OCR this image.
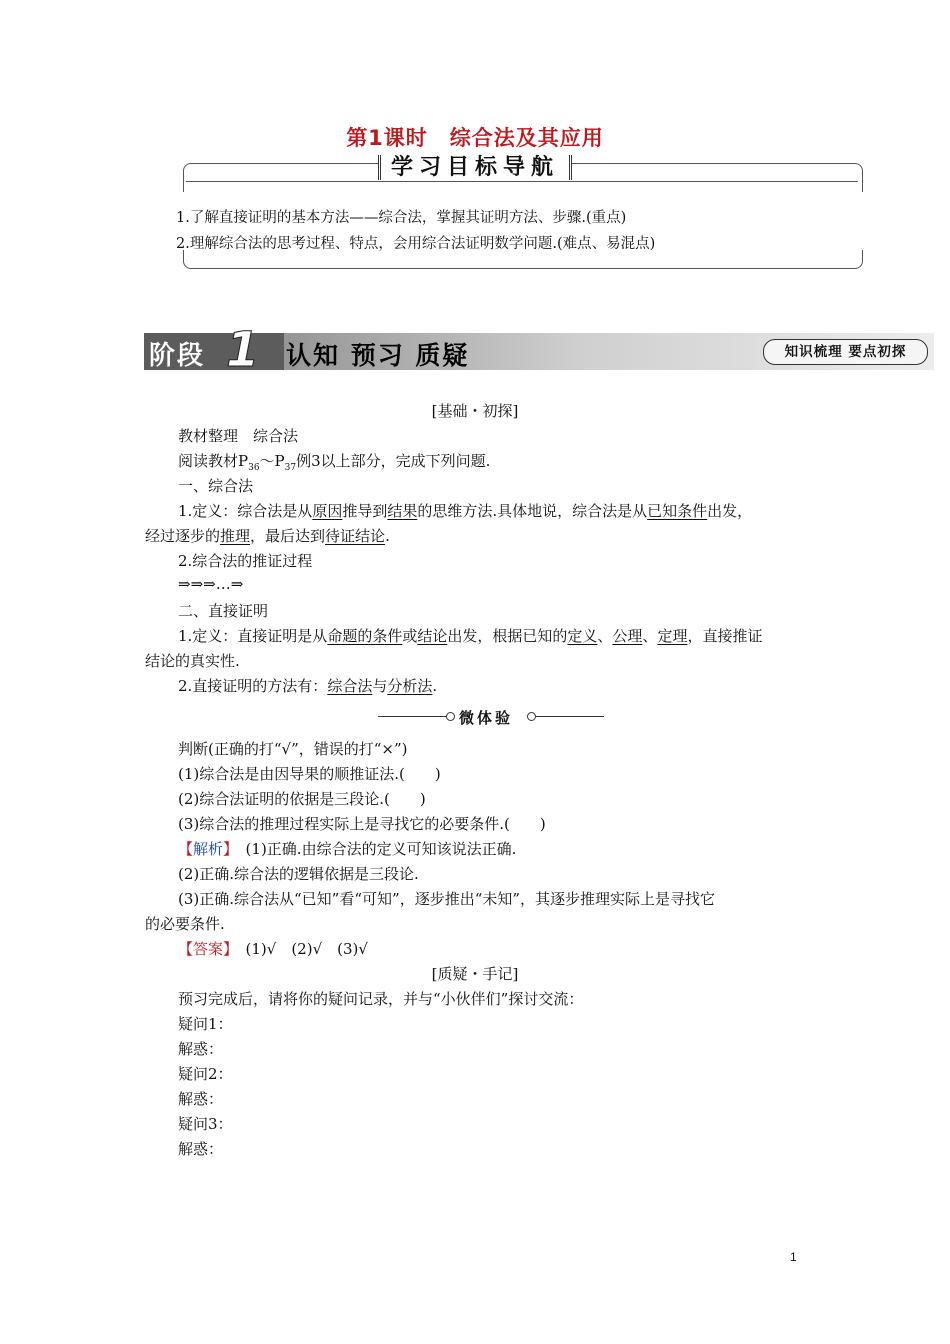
第1课时　综合法及其应用
学习目标导航
1.了解直接证明的基本方法——综合法，掌握其证明方法、步骤.(重点)
2.理解综合法的思考过程、特点，会用综合法证明数学问题.(难点、易混点)
阶段 1 认知 预习 质疑	知识梳理 要点初探
[基础・初探]
教材整理　综合法
阅读教材$P_{36}\sim P_{37}$例3以上部分，完成下列问题.
一、综合法
1.定义：综合法是从原因推导到结果的思维方法.具体地说，综合法是从已知条件出发，
经过逐步的推理，最后达到待证结论.
2.综合法的推证过程
⇒⇒⇒…⇒
二、直接证明
1.定义：直接证明是从命题的条件或结论出发，根据已知的定义、公理、定理，直接推证
结论的真实性.
2.直接证明的方法有：综合法与分析法.
微体验
判断(正确的打“√”，错误的打“×”)
(1)综合法是由因导果的顺推证法.(　　)
(2)综合法证明的依据是三段论.(　　)
(3)综合法的推理过程实际上是寻找它的必要条件.(　　)
【解析】　(1)正确.由综合法的定义可知该说法正确.
(2)正确.综合法的逻辑依据是三段论.
(3)正确.综合法从“已知”看“可知”，逐步推出“未知”，其逐步推理实际上是寻找它
的必要条件.
【答案】　(1)√　(2)√　(3)√
[质疑・手记]
预习完成后，请将你的疑问记录，并与“小伙伴们”探讨交流：
疑问1：
解惑：
疑问2：
解惑：
疑问3：
解惑：
1
